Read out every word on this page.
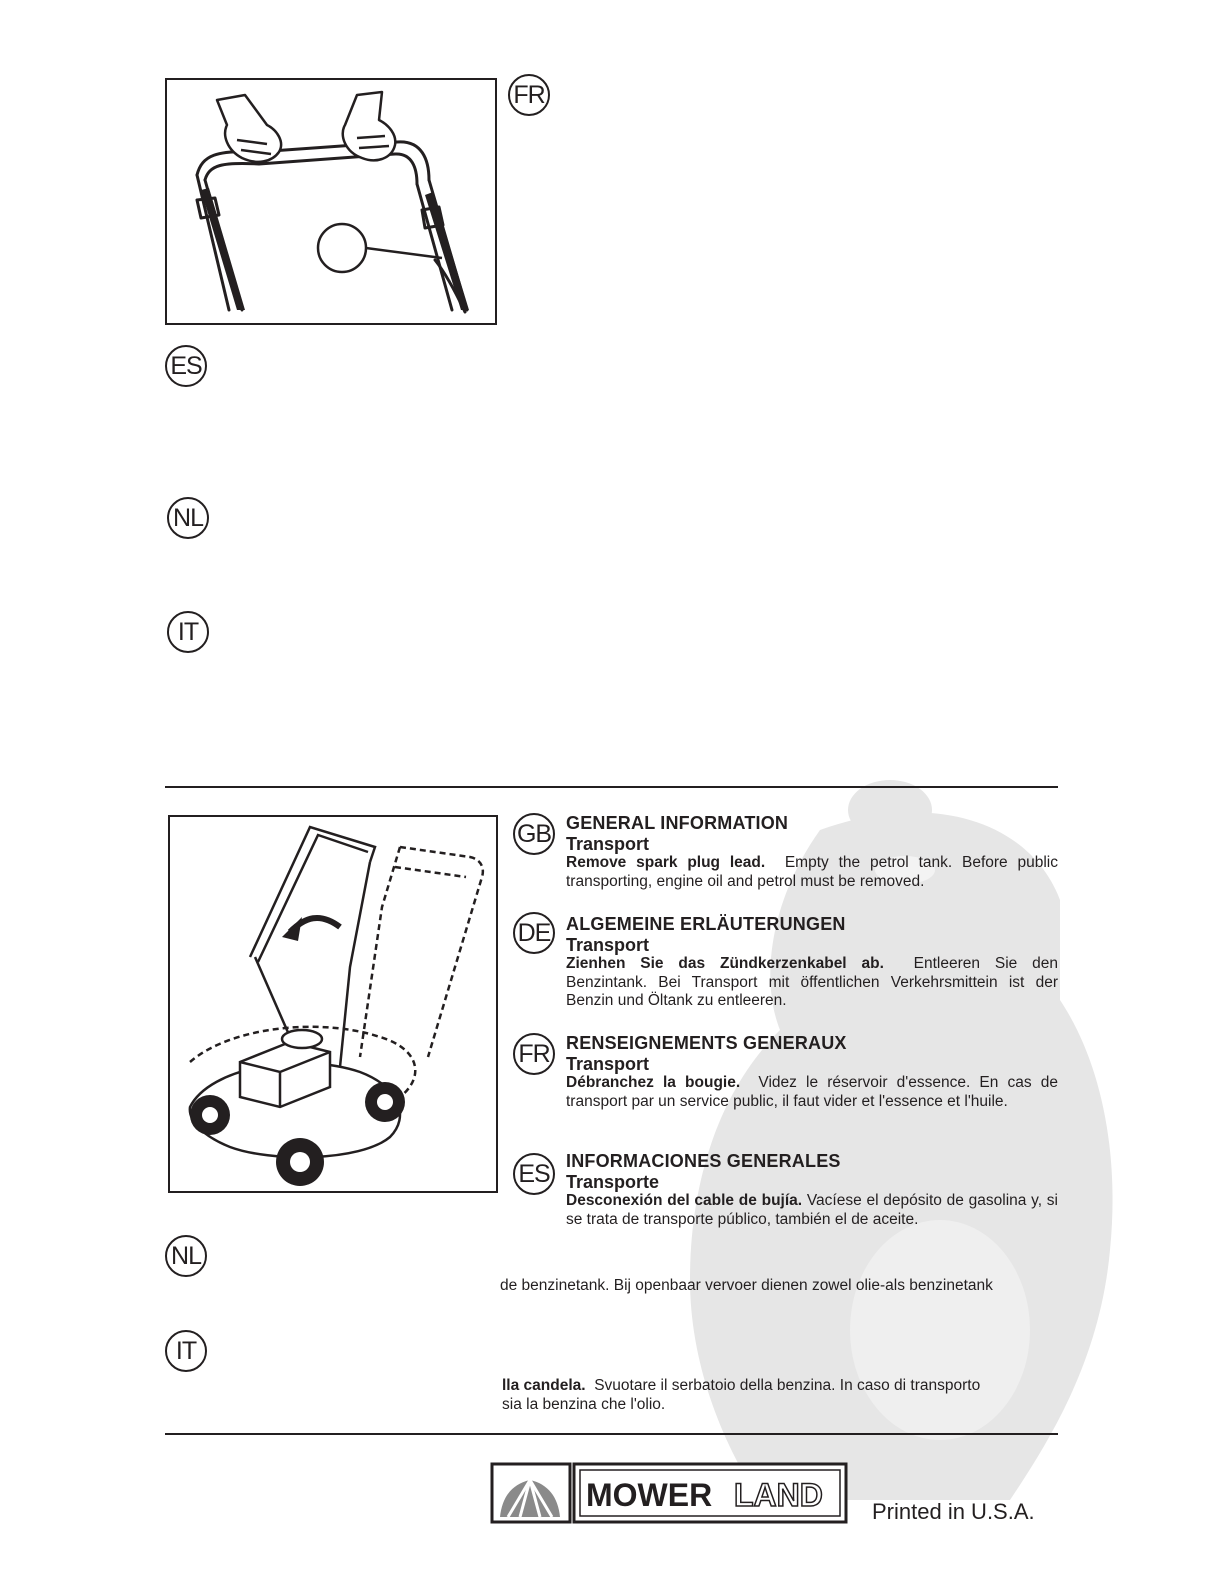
FR
ES
NL
IT
GB
DE
FR
ES
GENERAL INFORMATION
Transport
Remove spark plug lead. Empty the petrol tank. Before public transporting, engine oil and petrol must be removed.
ALGEMEINE ERLÄUTERUNGEN
Transport
Zienhen Sie das Zündkerzenkabel ab. Entleeren Sie den Benzintank. Bei Transport mit öffentlichen Verkehrsmittein ist der Benzin und Öltank zu entleeren.
RENSEIGNEMENTS GENERAUX
Transport
Débranchez la bougie. Videz le réservoir d'essence. En cas de transport par un service public, il faut vider et l'essence et l'huile.
INFORMACIONES GENERALES
Transporte
Desconexión del cable de bujía. Vacíese el depósito de gasolina y, si se trata de transporte público, también el de aceite.
NL
de benzinetank. Bij openbaar vervoer dienen zowel olie-als benzinetank
IT
lla candela. Svuotare il serbatoio della benzina. In caso di transporto
sia la benzina che l'olio.
MOWER LAND Printed in U.S.A.
